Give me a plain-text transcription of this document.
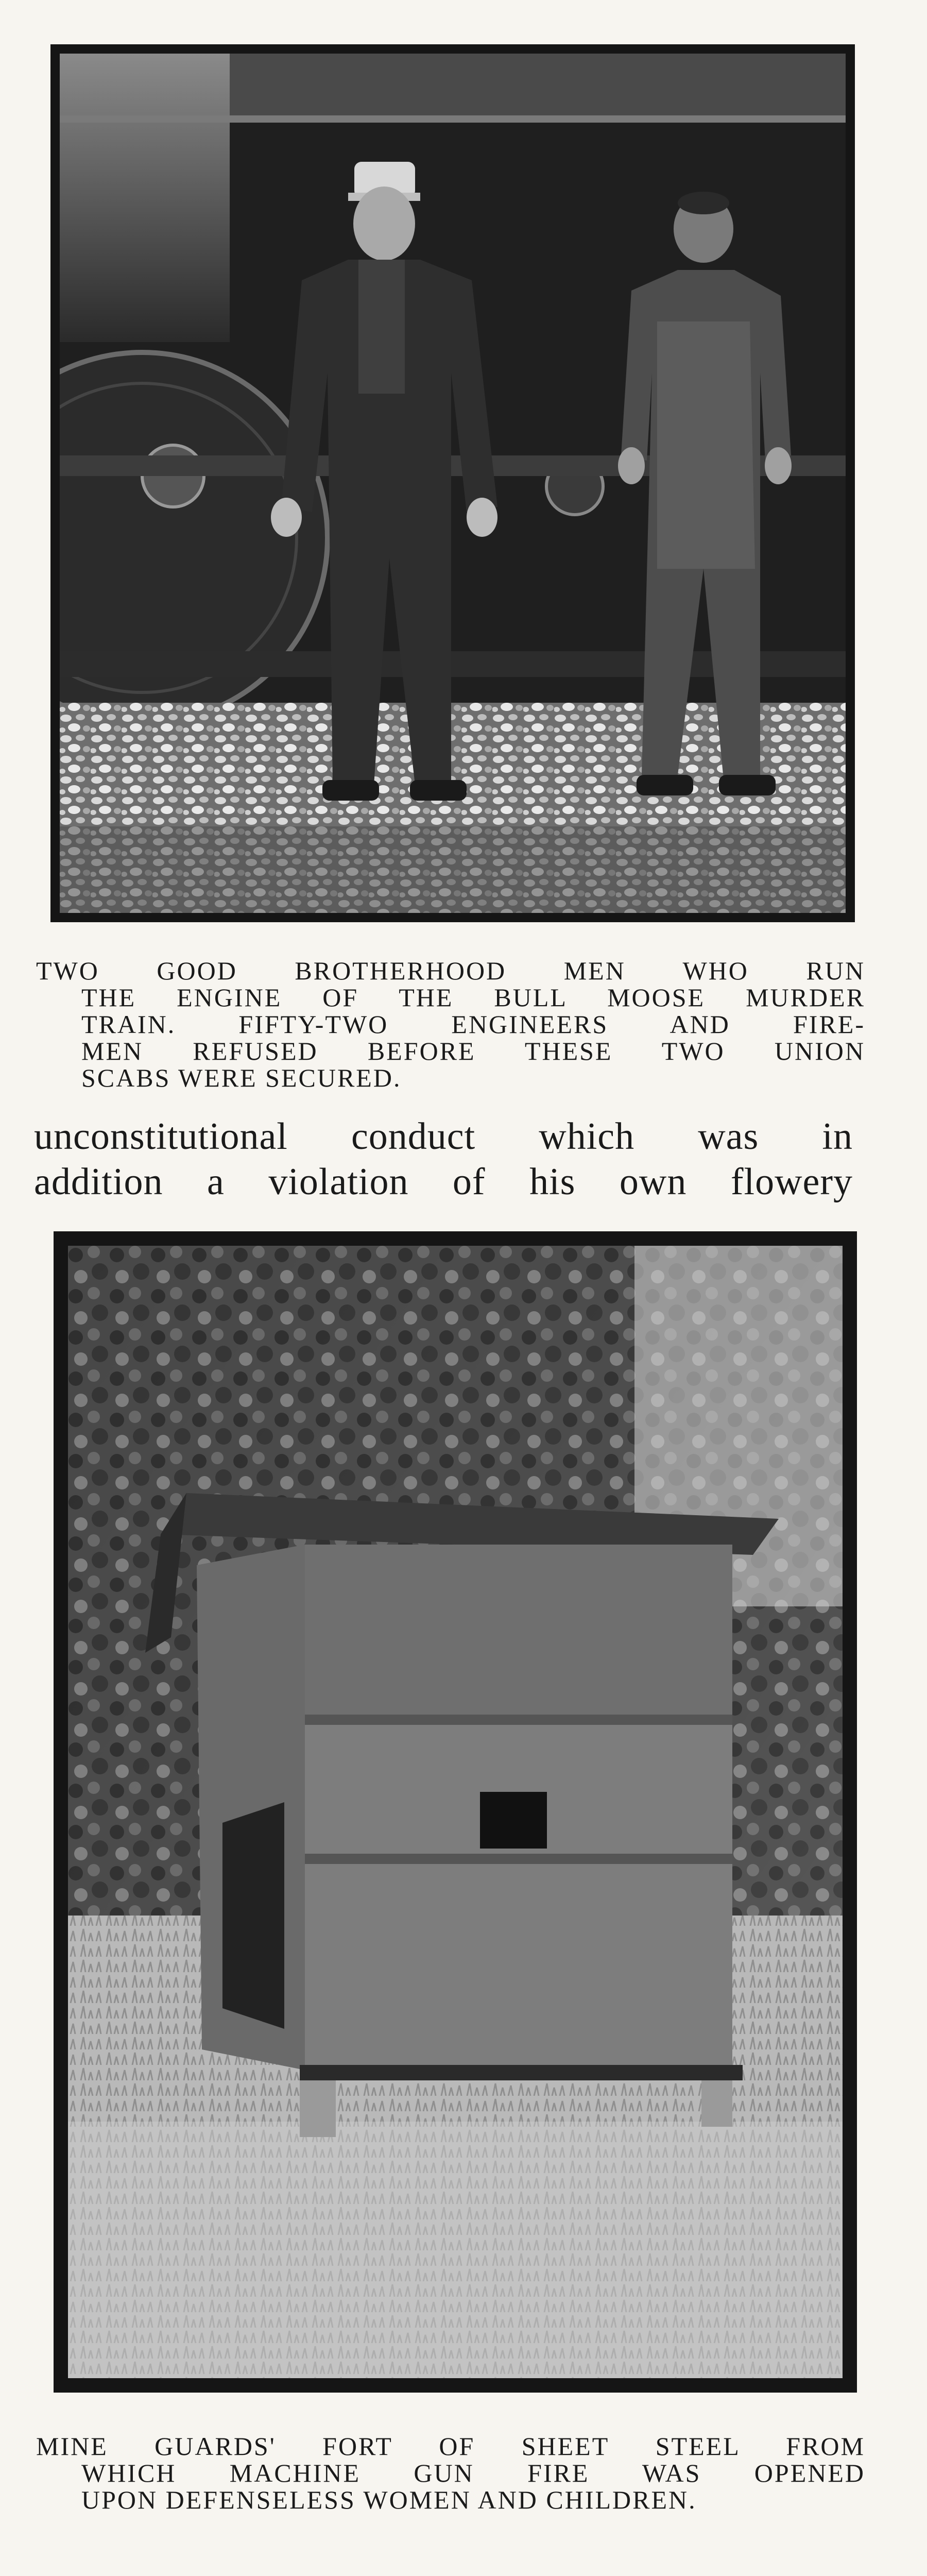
TWO GOOD BROTHERHOOD MEN WHO RUN
THE ENGINE OF THE BULL MOOSE MURDER
TRAIN. FIFTY-TWO ENGINEERS AND FIRE-
MEN REFUSED BEFORE THESE TWO UNION
SCABS WERE SECURED.
unconstitutional conduct which was in
addition a violation of his own flowery
MINE GUARDS' FORT OF SHEET STEEL FROM
WHICH MACHINE GUN FIRE WAS OPENED
UPON DEFENSELESS WOMEN AND CHILDREN.
